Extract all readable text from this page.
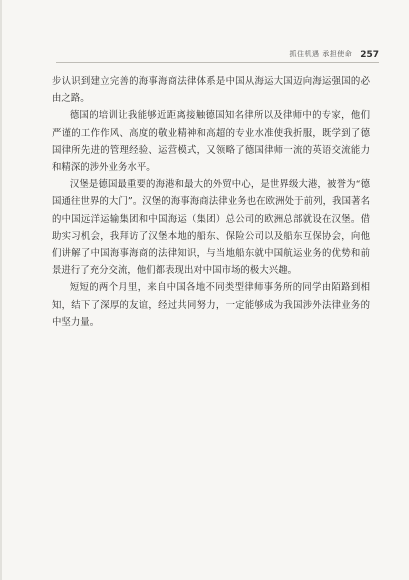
抓住机遇 承担使命 257

步认识到建立完善的海事海商法律体系是中国从海运大国迈向海运强国的必由之路。

德国的培训让我能够近距离接触德国知名律所以及律师中的专家，他们严谨的工作作风、高度的敬业精神和高超的专业水准使我折服，既学到了德国律所先进的管理经验、运营模式，又领略了德国律师一流的英语交流能力和精深的涉外业务水平。

汉堡是德国最重要的海港和最大的外贸中心，是世界级大港，被誉为“德国通往世界的大门”。汉堡的海事海商法律业务也在欧洲处于前列，我国著名的中国远洋运输集团和中国海运（集团）总公司的欧洲总部就设在汉堡。借助实习机会，我拜访了汉堡本地的船东、保险公司以及船东互保协会，向他们讲解了中国海事海商的法律知识，与当地船东就中国航运业务的优势和前景进行了充分交流，他们都表现出对中国市场的极大兴趣。

短短的两个月里，来自中国各地不同类型律师事务所的同学由陌路到相知，结下了深厚的友谊，经过共同努力，一定能够成为我国涉外法律业务的中坚力量。
